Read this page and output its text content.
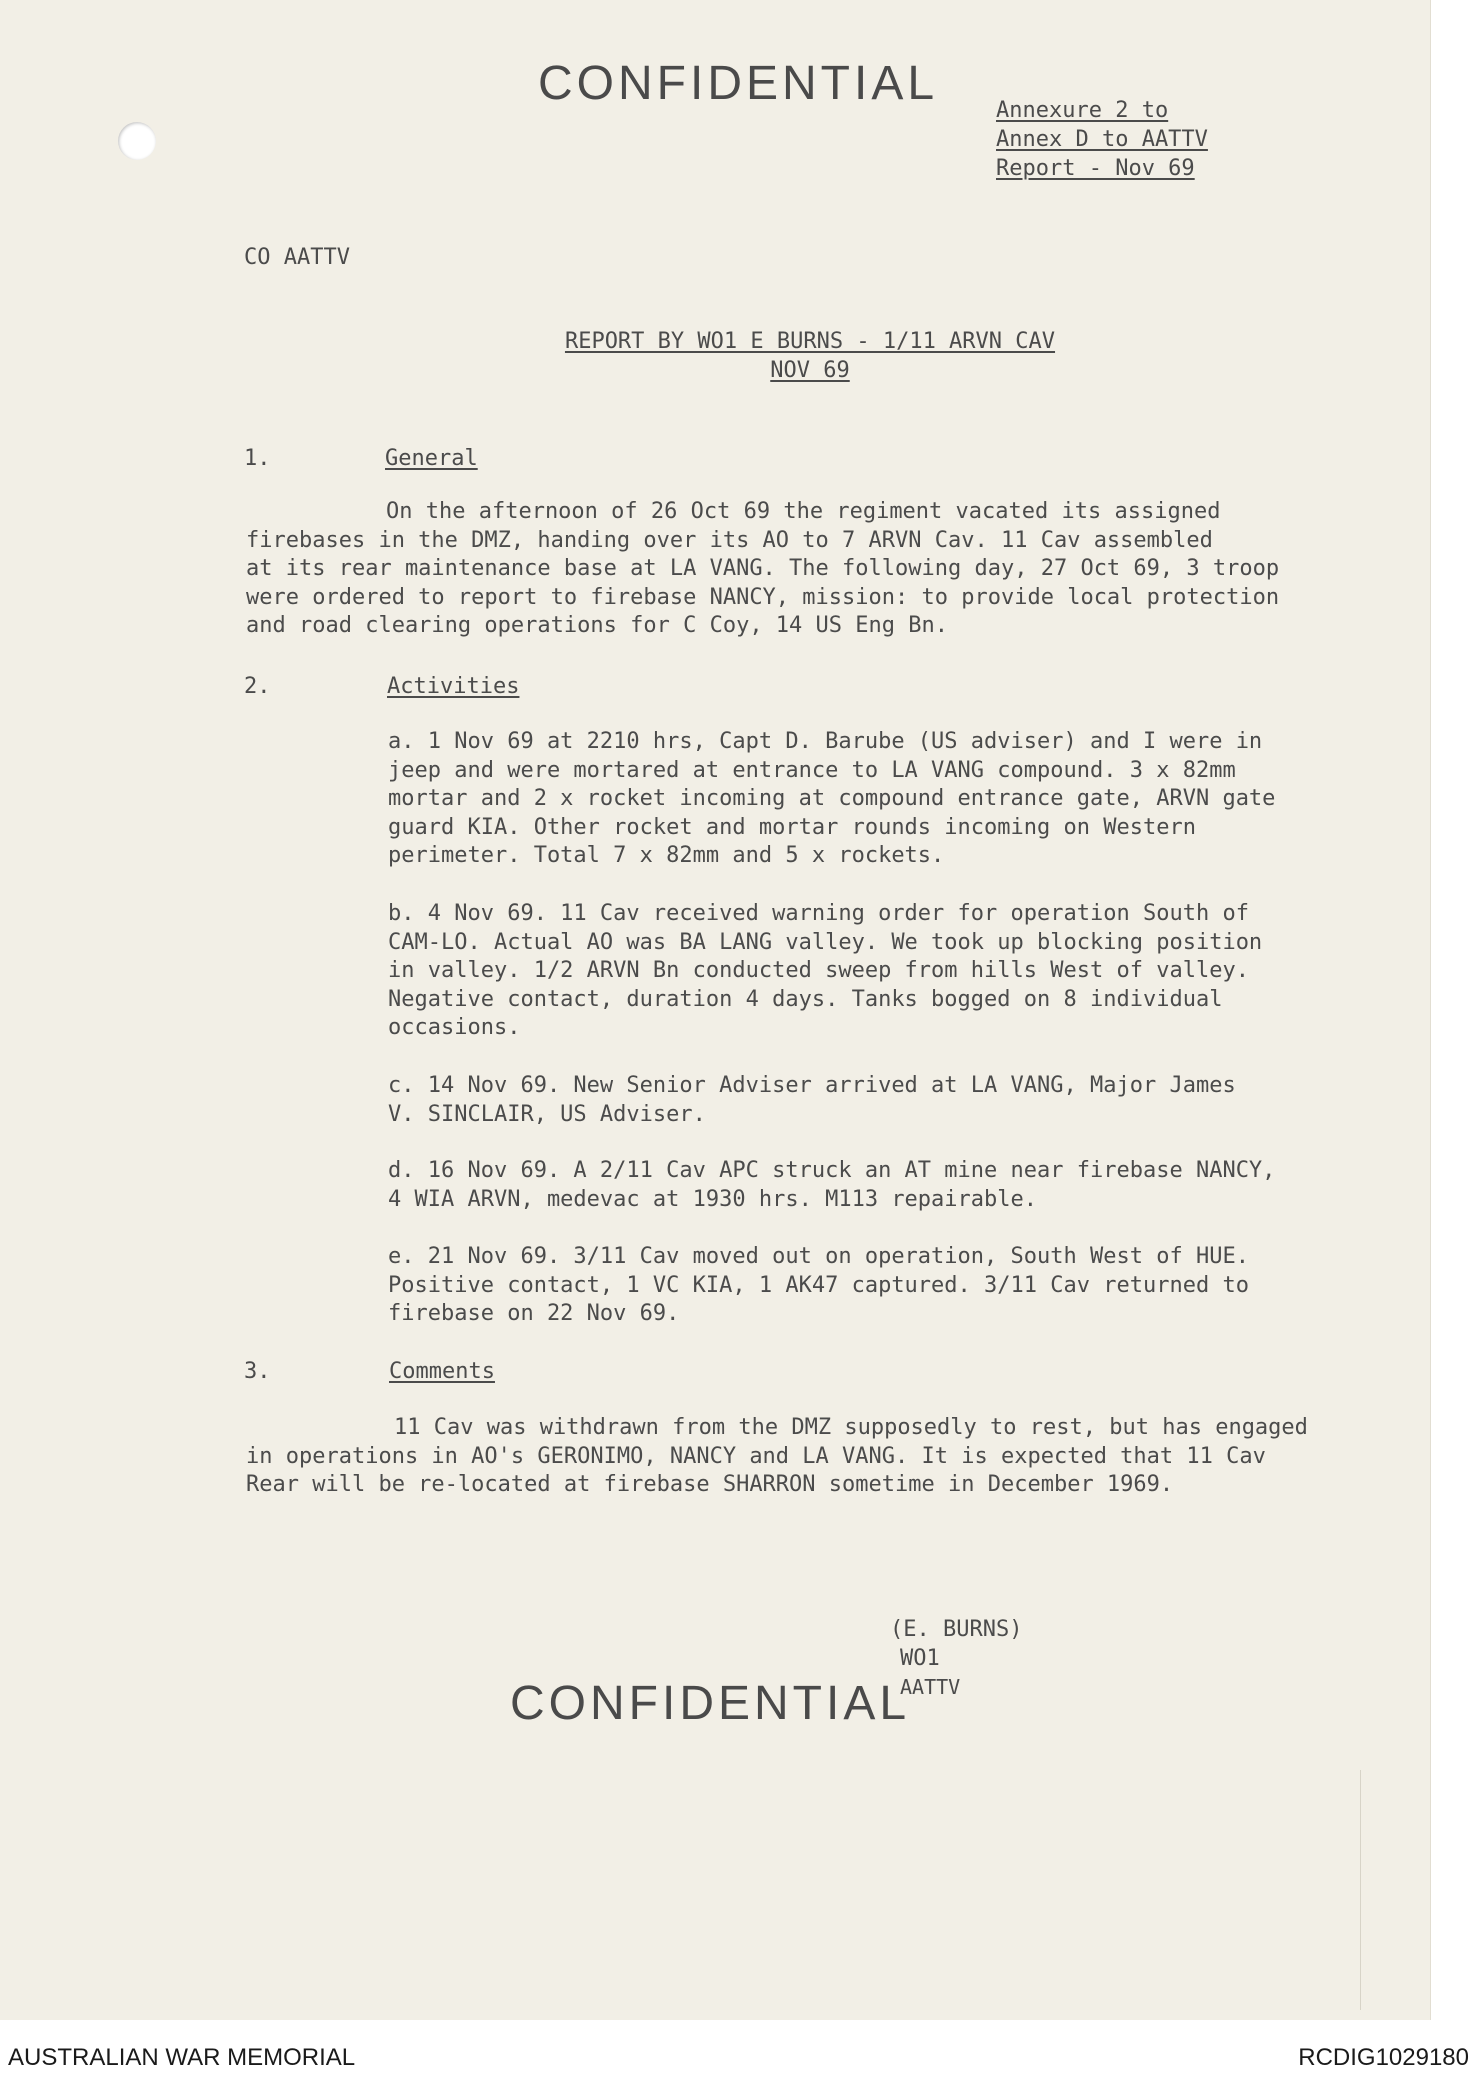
CONFIDENTIAL
Annexure 2 to
Annex D to AATTV
Report - Nov 69
CO AATTV
REPORT BY WO1 E BURNS - 1/11 ARVN CAV
NOV 69
1.	General
On the afternoon of 26 Oct 69 the regiment vacated its assigned
firebases in the DMZ, handing over its AO to 7 ARVN Cav. 11 Cav assembled
at its rear maintenance base at LA VANG. The following day, 27 Oct 69, 3 troop
were ordered to report to firebase NANCY, mission: to provide local protection
and road clearing operations for C Coy, 14 US Eng Bn.
2.	Activities
a. 1 Nov 69 at 2210 hrs, Capt D. Barube (US adviser) and I were in
jeep and were mortared at entrance to LA VANG compound. 3 x 82mm
mortar and 2 x rocket incoming at compound entrance gate, ARVN gate
guard KIA. Other rocket and mortar rounds incoming on Western
perimeter. Total 7 x 82mm and 5 x rockets.
b. 4 Nov 69. 11 Cav received warning order for operation South of
CAM-LO. Actual AO was BA LANG valley. We took up blocking position
in valley. 1/2 ARVN Bn conducted sweep from hills West of valley.
Negative contact, duration 4 days. Tanks bogged on 8 individual
occasions.
c. 14 Nov 69. New Senior Adviser arrived at LA VANG, Major James
V. SINCLAIR, US Adviser.
d. 16 Nov 69. A 2/11 Cav APC struck an AT mine near firebase NANCY,
4 WIA ARVN, medevac at 1930 hrs. M113 repairable.
e. 21 Nov 69. 3/11 Cav moved out on operation, South West of HUE.
Positive contact, 1 VC KIA, 1 AK47 captured. 3/11 Cav returned to
firebase on 22 Nov 69.
3.	Comments
11 Cav was withdrawn from the DMZ supposedly to rest, but has engaged
in operations in AO's GERONIMO, NANCY and LA VANG. It is expected that 11 Cav
Rear will be re-located at firebase SHARRON sometime in December 1969.
(E. BURNS)
WO1
AATTV
CONFIDENTIAL
AUSTRALIAN WAR MEMORIAL	RCDIG1029180
